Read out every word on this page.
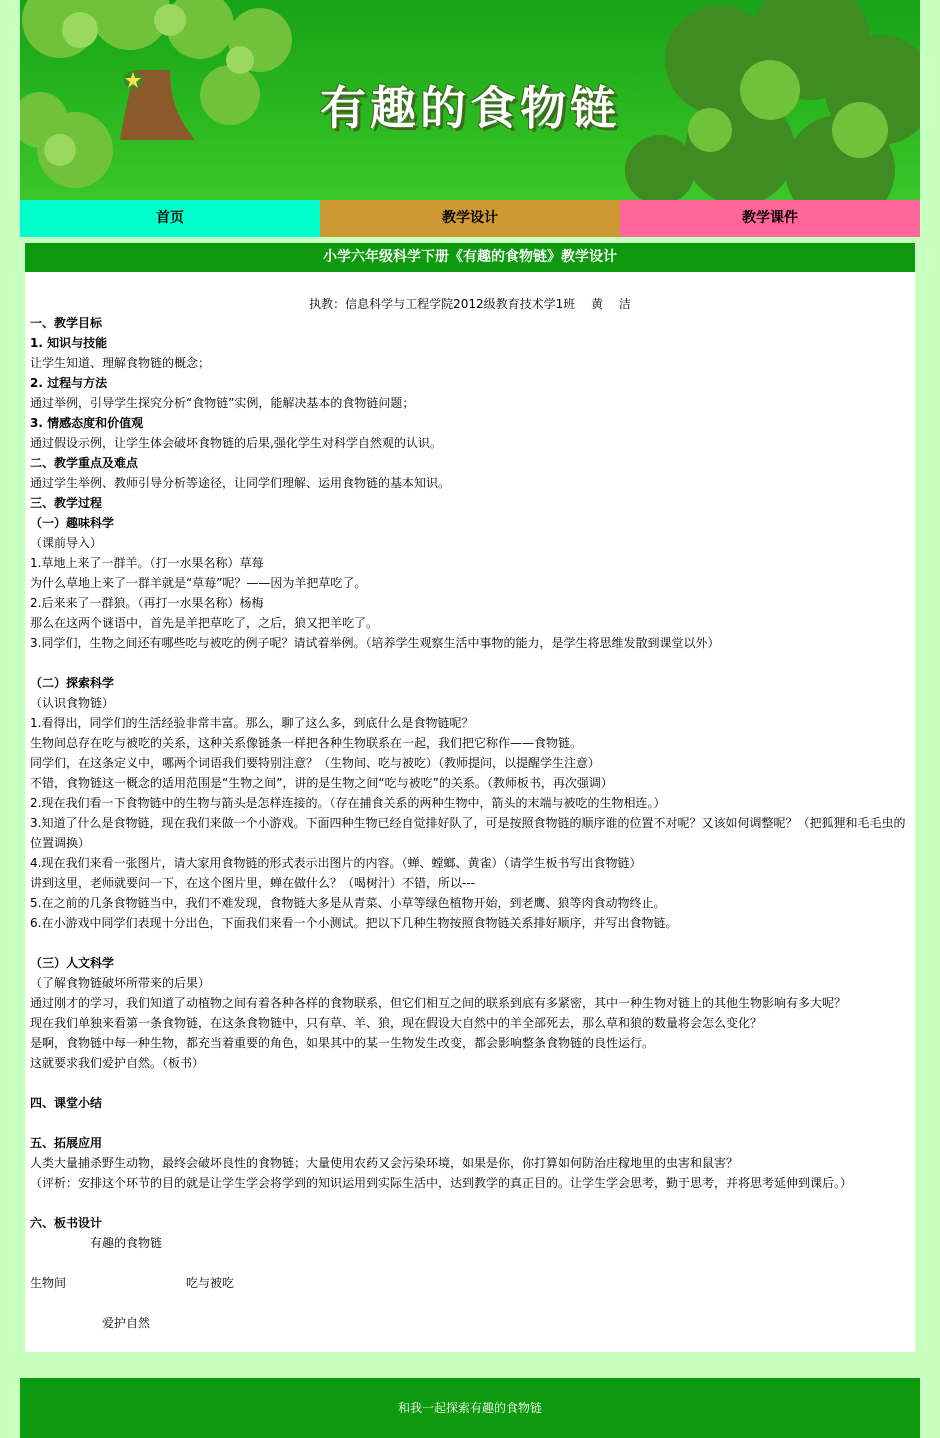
有趣的食物链
首页	教学设计	教学课件
小学六年级科学下册《有趣的食物链》教学设计
执教：信息科学与工程学院2012级教育技术学1班　 黄　 洁
一、教学目标
1. 知识与技能
让学生知道、理解食物链的概念；
2. 过程与方法
通过举例，引导学生探究分析“食物链”实例，能解决基本的食物链问题；
3. 情感态度和价值观
通过假设示例，让学生体会破坏食物链的后果,强化学生对科学自然观的认识。
二、教学重点及难点
通过学生举例、教师引导分析等途径，让同学们理解、运用食物链的基本知识。
三、教学过程
（一）趣味科学
（课前导入）
1.草地上来了一群羊。（打一水果名称）草莓
为什么草地上来了一群羊就是“草莓”呢？——因为羊把草吃了。
2.后来来了一群狼。（再打一水果名称）杨梅
那么在这两个谜语中，首先是羊把草吃了，之后，狼又把羊吃了。
3.同学们，生物之间还有哪些吃与被吃的例子呢？请试着举例。（培养学生观察生活中事物的能力，是学生将思维发散到课堂以外）
（二）探索科学
（认识食物链）
1.看得出，同学们的生活经验非常丰富。那么，聊了这么多，到底什么是食物链呢？
生物间总存在吃与被吃的关系，这种关系像链条一样把各种生物联系在一起，我们把它称作——食物链。
同学们，在这条定义中，哪两个词语我们要特别注意？（生物间、吃与被吃）（教师提问，以提醒学生注意）
不错，食物链这一概念的适用范围是“生物之间”，讲的是生物之间“吃与被吃”的关系。（教师板书，再次强调）
2.现在我们看一下食物链中的生物与箭头是怎样连接的。（存在捕食关系的两种生物中，箭头的末端与被吃的生物相连。）
3.知道了什么是食物链，现在我们来做一个小游戏。下面四种生物已经自觉排好队了，可是按照食物链的顺序谁的位置不对呢？又该如何调整呢？（把狐狸和毛毛虫的位置调换）
4.现在我们来看一张图片，请大家用食物链的形式表示出图片的内容。（蝉、螳螂、黄雀）（请学生板书写出食物链）
讲到这里，老师就要问一下，在这个图片里，蝉在做什么？（喝树汁）不错，所以---
5.在之前的几条食物链当中，我们不难发现，食物链大多是从青菜、小草等绿色植物开始，到老鹰、狼等肉食动物终止。
6.在小游戏中同学们表现十分出色，下面我们来看一个小测试。把以下几种生物按照食物链关系排好顺序，并写出食物链。
（三）人文科学
（了解食物链破坏所带来的后果）
通过刚才的学习，我们知道了动植物之间有着各种各样的食物联系，但它们相互之间的联系到底有多紧密，其中一种生物对链上的其他生物影响有多大呢？
现在我们单独来看第一条食物链，在这条食物链中，只有草、羊、狼，现在假设大自然中的羊全部死去，那么草和狼的数量将会怎么变化？
是啊，食物链中每一种生物，都充当着重要的角色，如果其中的某一生物发生改变，都会影响整条食物链的良性运行。
这就要求我们爱护自然。（板书）
四、课堂小结
五、拓展应用
人类大量捕杀野生动物，最终会破坏良性的食物链；大量使用农药又会污染环境，如果是你，你打算如何防治庄稼地里的虫害和鼠害？
（评析：安排这个环节的目的就是让学生学会将学到的知识运用到实际生活中，达到教学的真正目的。让学生学会思考，勤于思考，并将思考延伸到课后。）
六、板书设计
　　　　　有趣的食物链
生物间　　　　　　　　　　吃与被吃
　　　　　　爱护自然
和我一起探索有趣的食物链
